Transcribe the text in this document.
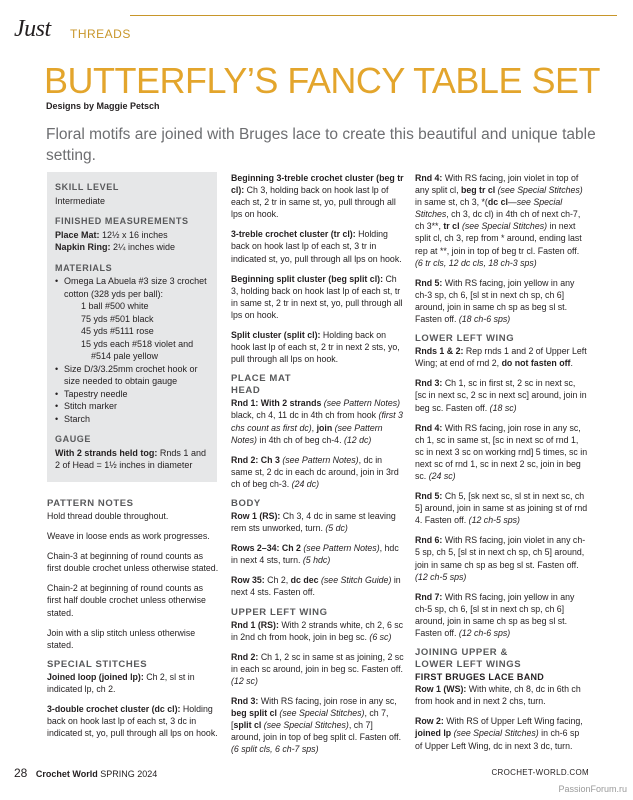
Just THREADS
BUTTERFLY’S FANCY TABLE SET
Designs by Maggie Petsch
Floral motifs are joined with Bruges lace to create this beautiful and unique table setting.
SKILL LEVEL
Intermediate
FINISHED MEASUREMENTS
Place Mat: 12½ x 16 inches
Napkin Ring: 2¼ inches wide
MATERIALS
• Omega La Abuela #3 size 3 crochet cotton (328 yds per ball):
1 ball #500 white
75 yds #501 black
45 yds #5111 rose
15 yds each #518 violet and
#514 pale yellow
• Size D/3/3.25mm crochet hook or size needed to obtain gauge
• Tapestry needle
• Stitch marker
• Starch
GAUGE
With 2 strands held tog: Rnds 1 and 2 of Head = 1½ inches in diameter
PATTERN NOTES
Hold thread double throughout.
Weave in loose ends as work progresses.
Chain-3 at beginning of round counts as first double crochet unless otherwise stated.
Chain-2 at beginning of round counts as first half double crochet unless otherwise stated.
Join with a slip stitch unless otherwise stated.
SPECIAL STITCHES
Joined loop (joined lp): Ch 2, sl st in indicated lp, ch 2.
3-double crochet cluster (dc cl): Holding back on hook last lp of each st, 3 dc in indicated st, yo, pull through all lps on hook.
Beginning 3-treble crochet cluster (beg tr cl): Ch 3, holding back on hook last lp of each st, 2 tr in same st, yo, pull through all lps on hook.
3-treble crochet cluster (tr cl): Holding back on hook last lp of each st, 3 tr in indicated st, yo, pull through all lps on hook.
Beginning split cluster (beg split cl): Ch 3, holding back on hook last lp of each st, tr in same st, 2 tr in next st, yo, pull through all lps on hook.
Split cluster (split cl): Holding back on hook last lp of each st, 2 tr in next 2 sts, yo, pull through all lps on hook.
PLACE MAT
HEAD
Rnd 1: With 2 strands (see Pattern Notes) black, ch 4, 11 dc in 4th ch from hook (first 3 chs count as first dc), join (see Pattern Notes) in 4th ch of beg ch-4. (12 dc)
Rnd 2: Ch 3 (see Pattern Notes), dc in same st, 2 dc in each dc around, join in 3rd ch of beg ch-3. (24 dc)
BODY
Row 1 (RS): Ch 3, 4 dc in same st leaving rem sts unworked, turn. (5 dc)
Rows 2–34: Ch 2 (see Pattern Notes), hdc in next 4 sts, turn. (5 hdc)
Row 35: Ch 2, dc dec (see Stitch Guide) in next 4 sts. Fasten off.
UPPER LEFT WING
Rnd 1 (RS): With 2 strands white, ch 2, 6 sc in 2nd ch from hook, join in beg sc. (6 sc)
Rnd 2: Ch 1, 2 sc in same st as joining, 2 sc in each sc around, join in beg sc. Fasten off. (12 sc)
Rnd 3: With RS facing, join rose in any sc, beg split cl (see Special Stitches), ch 7, [split cl (see Special Stitches), ch 7] around, join in top of beg split cl. Fasten off. (6 split cls, 6 ch-7 sps)
Rnd 4: With RS facing, join violet in top of any split cl, beg tr cl (see Special Stitches) in same st, ch 3, *(dc cl—see Special Stitches, ch 3, dc cl) in 4th ch of next ch-7, ch 3**, tr cl (see Special Stitches) in next split cl, ch 3, rep from * around, ending last rep at **, join in top of beg tr cl. Fasten off. (6 tr cls, 12 dc cls, 18 ch-3 sps)
Rnd 5: With RS facing, join yellow in any ch-3 sp, ch 6, [sl st in next ch sp, ch 6] around, join in same ch sp as beg sl st. Fasten off. (18 ch-6 sps)
LOWER LEFT WING
Rnds 1 & 2: Rep rnds 1 and 2 of Upper Left Wing; at end of rnd 2, do not fasten off.
Rnd 3: Ch 1, sc in first st, 2 sc in next sc, [sc in next sc, 2 sc in next sc] around, join in beg sc. Fasten off. (18 sc)
Rnd 4: With RS facing, join rose in any sc, ch 1, sc in same st, [sc in next sc of rnd 1, sc in next 3 sc on working rnd] 5 times, sc in next sc of rnd 1, sc in next 2 sc, join in beg sc. (24 sc)
Rnd 5: Ch 5, [sk next sc, sl st in next sc, ch 5] around, join in same st as joining st of rnd 4. Fasten off. (12 ch-5 sps)
Rnd 6: With RS facing, join violet in any ch-5 sp, ch 5, [sl st in next ch sp, ch 5] around, join in same ch sp as beg sl st. Fasten off. (12 ch-5 sps)
Rnd 7: With RS facing, join yellow in any ch-5 sp, ch 6, [sl st in next ch sp, ch 6] around, join in same ch sp as beg sl st. Fasten off. (12 ch-6 sps)
JOINING UPPER &
LOWER LEFT WINGS
FIRST BRUGES LACE BAND
Row 1 (WS): With white, ch 8, dc in 6th ch from hook and in next 2 chs, turn.
Row 2: With RS of Upper Left Wing facing, joined lp (see Special Stitches) in ch-6 sp of Upper Left Wing, dc in next 3 dc, turn.
28 Crochet World SPRING 2024	CROCHET-WORLD.COM
PassionForum.ru
